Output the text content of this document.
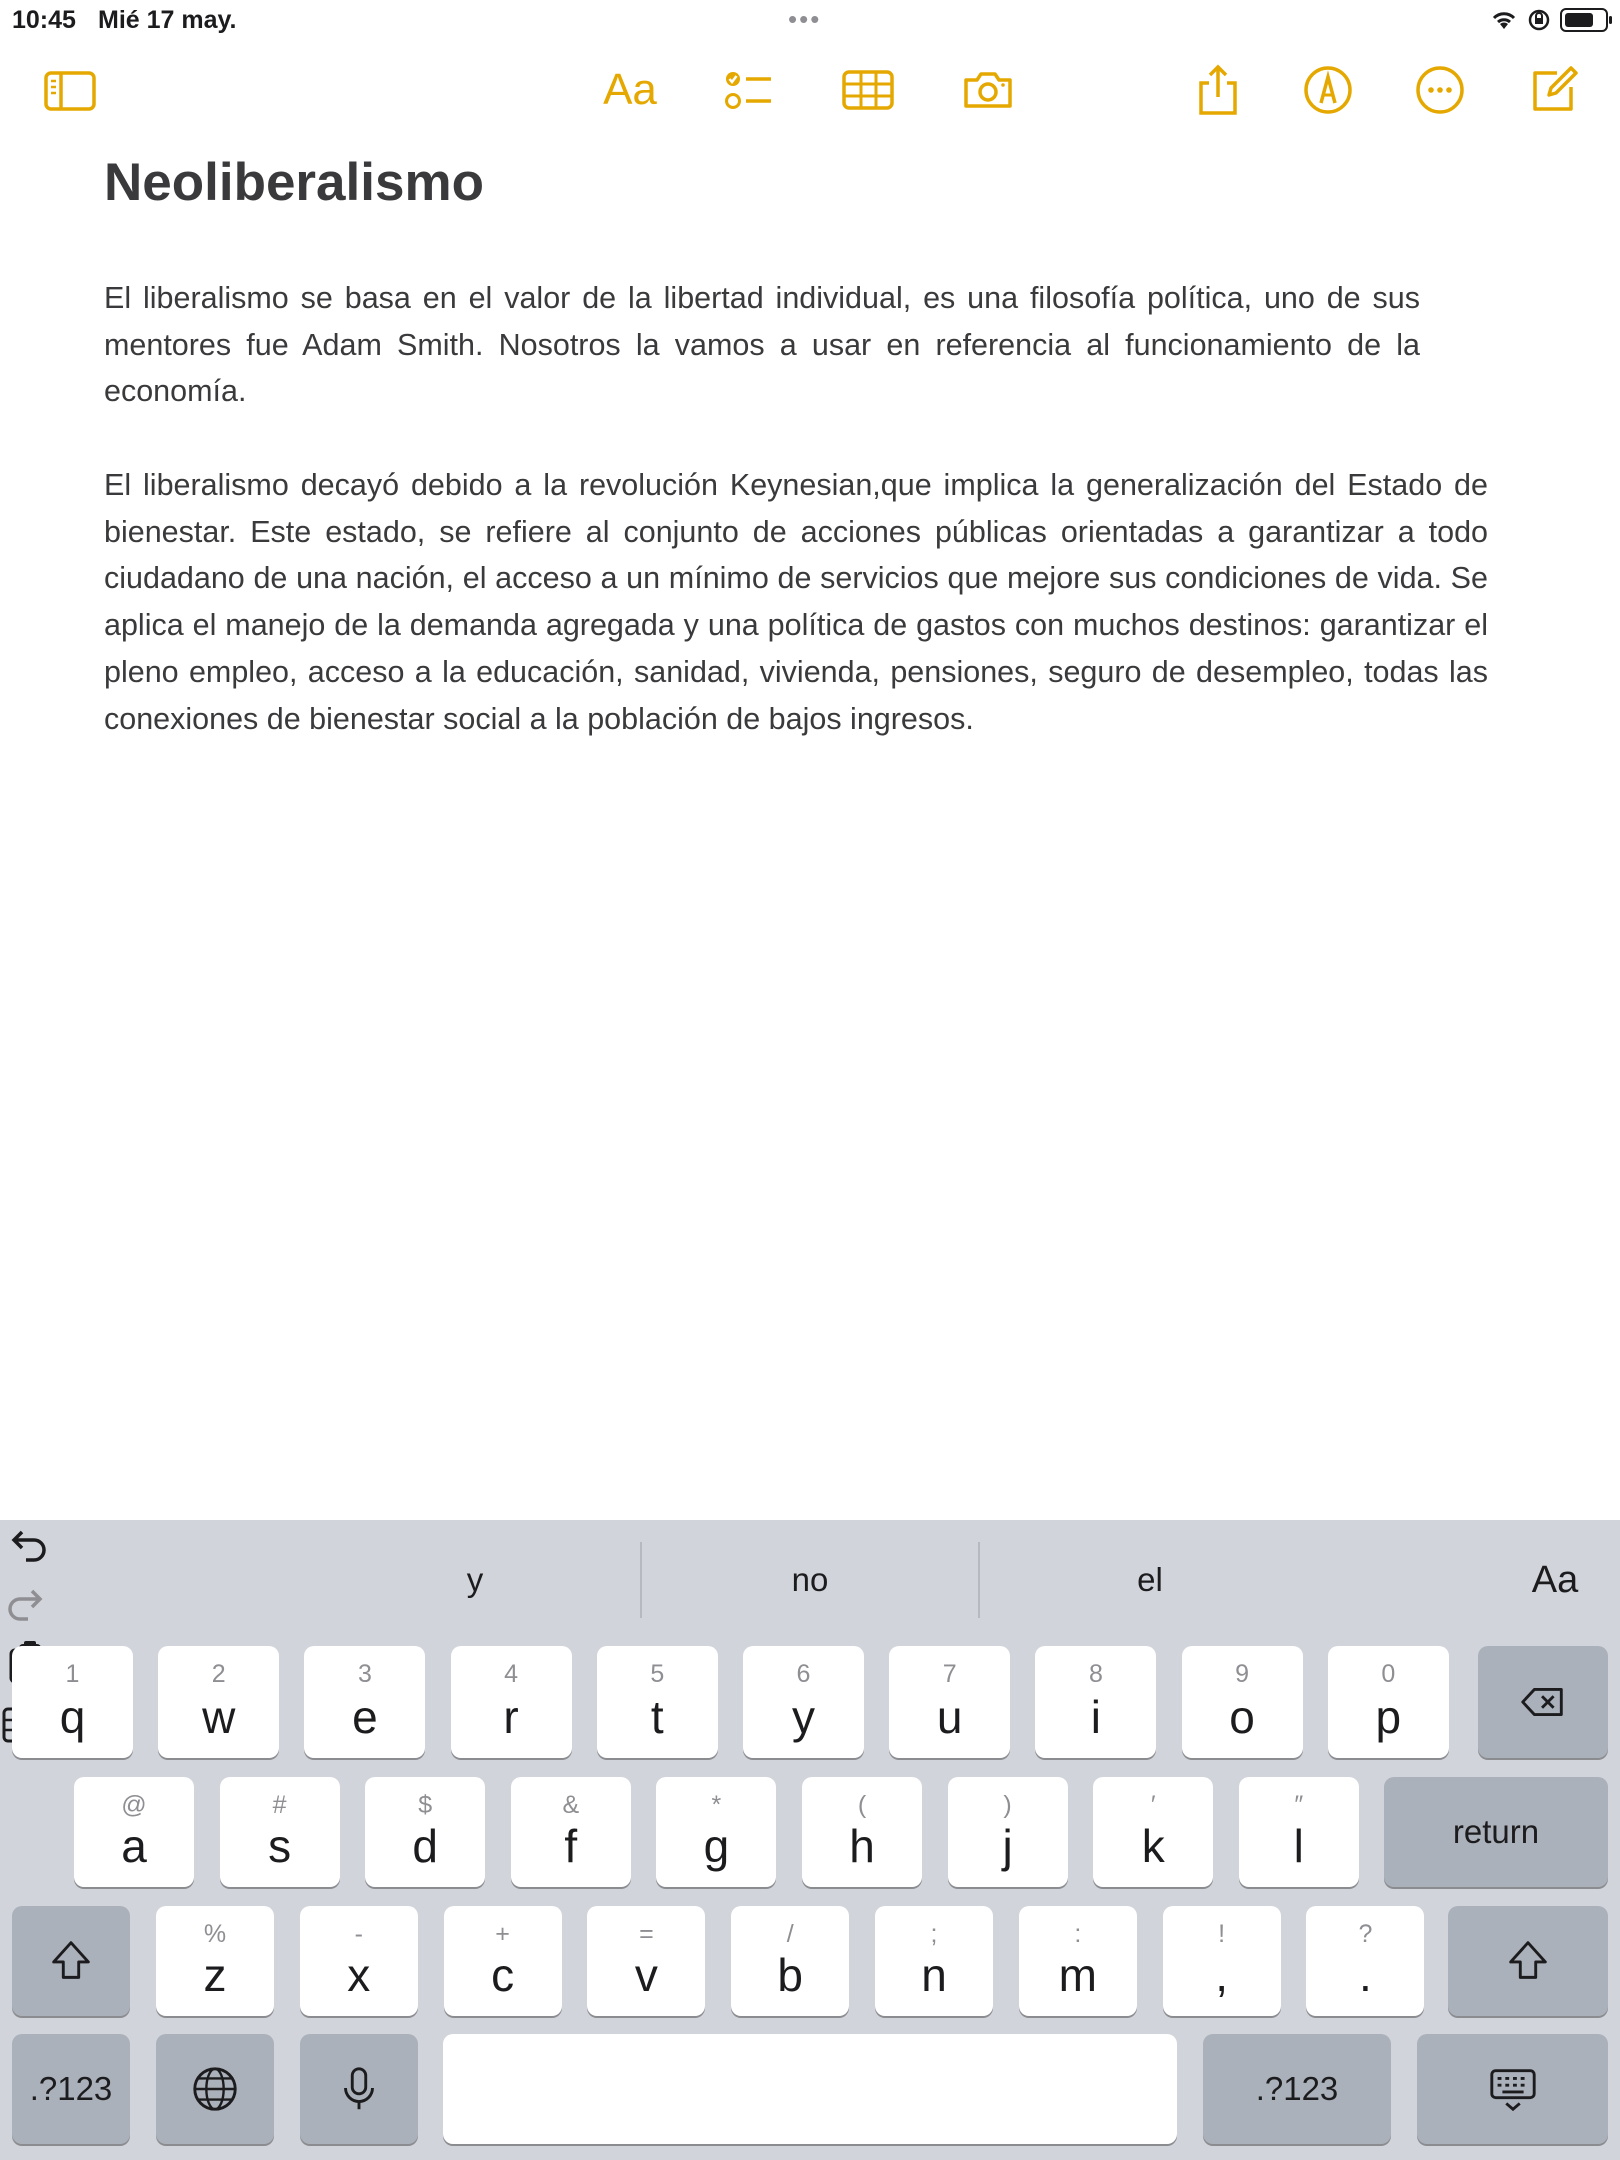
10:45 Mié 17 may.	•••
Aa
Neoliberalismo

El liberalismo se basa en el valor de la libertad individual, es una filosofía política, uno de sus mentores fue Adam Smith. Nosotros la vamos a usar en referencia al funcionamiento de la economía.

El liberalismo decayó debido a la revolución Keynesian,que implica la generalización del Estado de bienestar. Este estado, se refiere al conjunto de acciones públicas orientadas a garantizar a todo ciudadano de una nación, el acceso a un mínimo de servicios que mejore sus condiciones de vida. Se aplica el manejo de la demanda agregada y una política de gastos con muchos destinos: garantizar el pleno empleo, acceso a la educación, sanidad, vivienda, pensiones, seguro de desempleo, todas las conexiones de bienestar social a la población de bajos ingresos.

y	no	el	Aa
1
q
2
w
3
e
4
r
5
t
6
y
7
u
8
i
9
o
0
p
@
a
#
s
$
d
&
f
*
g
(
h
)
j
′
k
″
l	return
%
z
-
x
+
c
=
v
/
b
;
n
:
m
!
,
?
.
.?123	.?123
